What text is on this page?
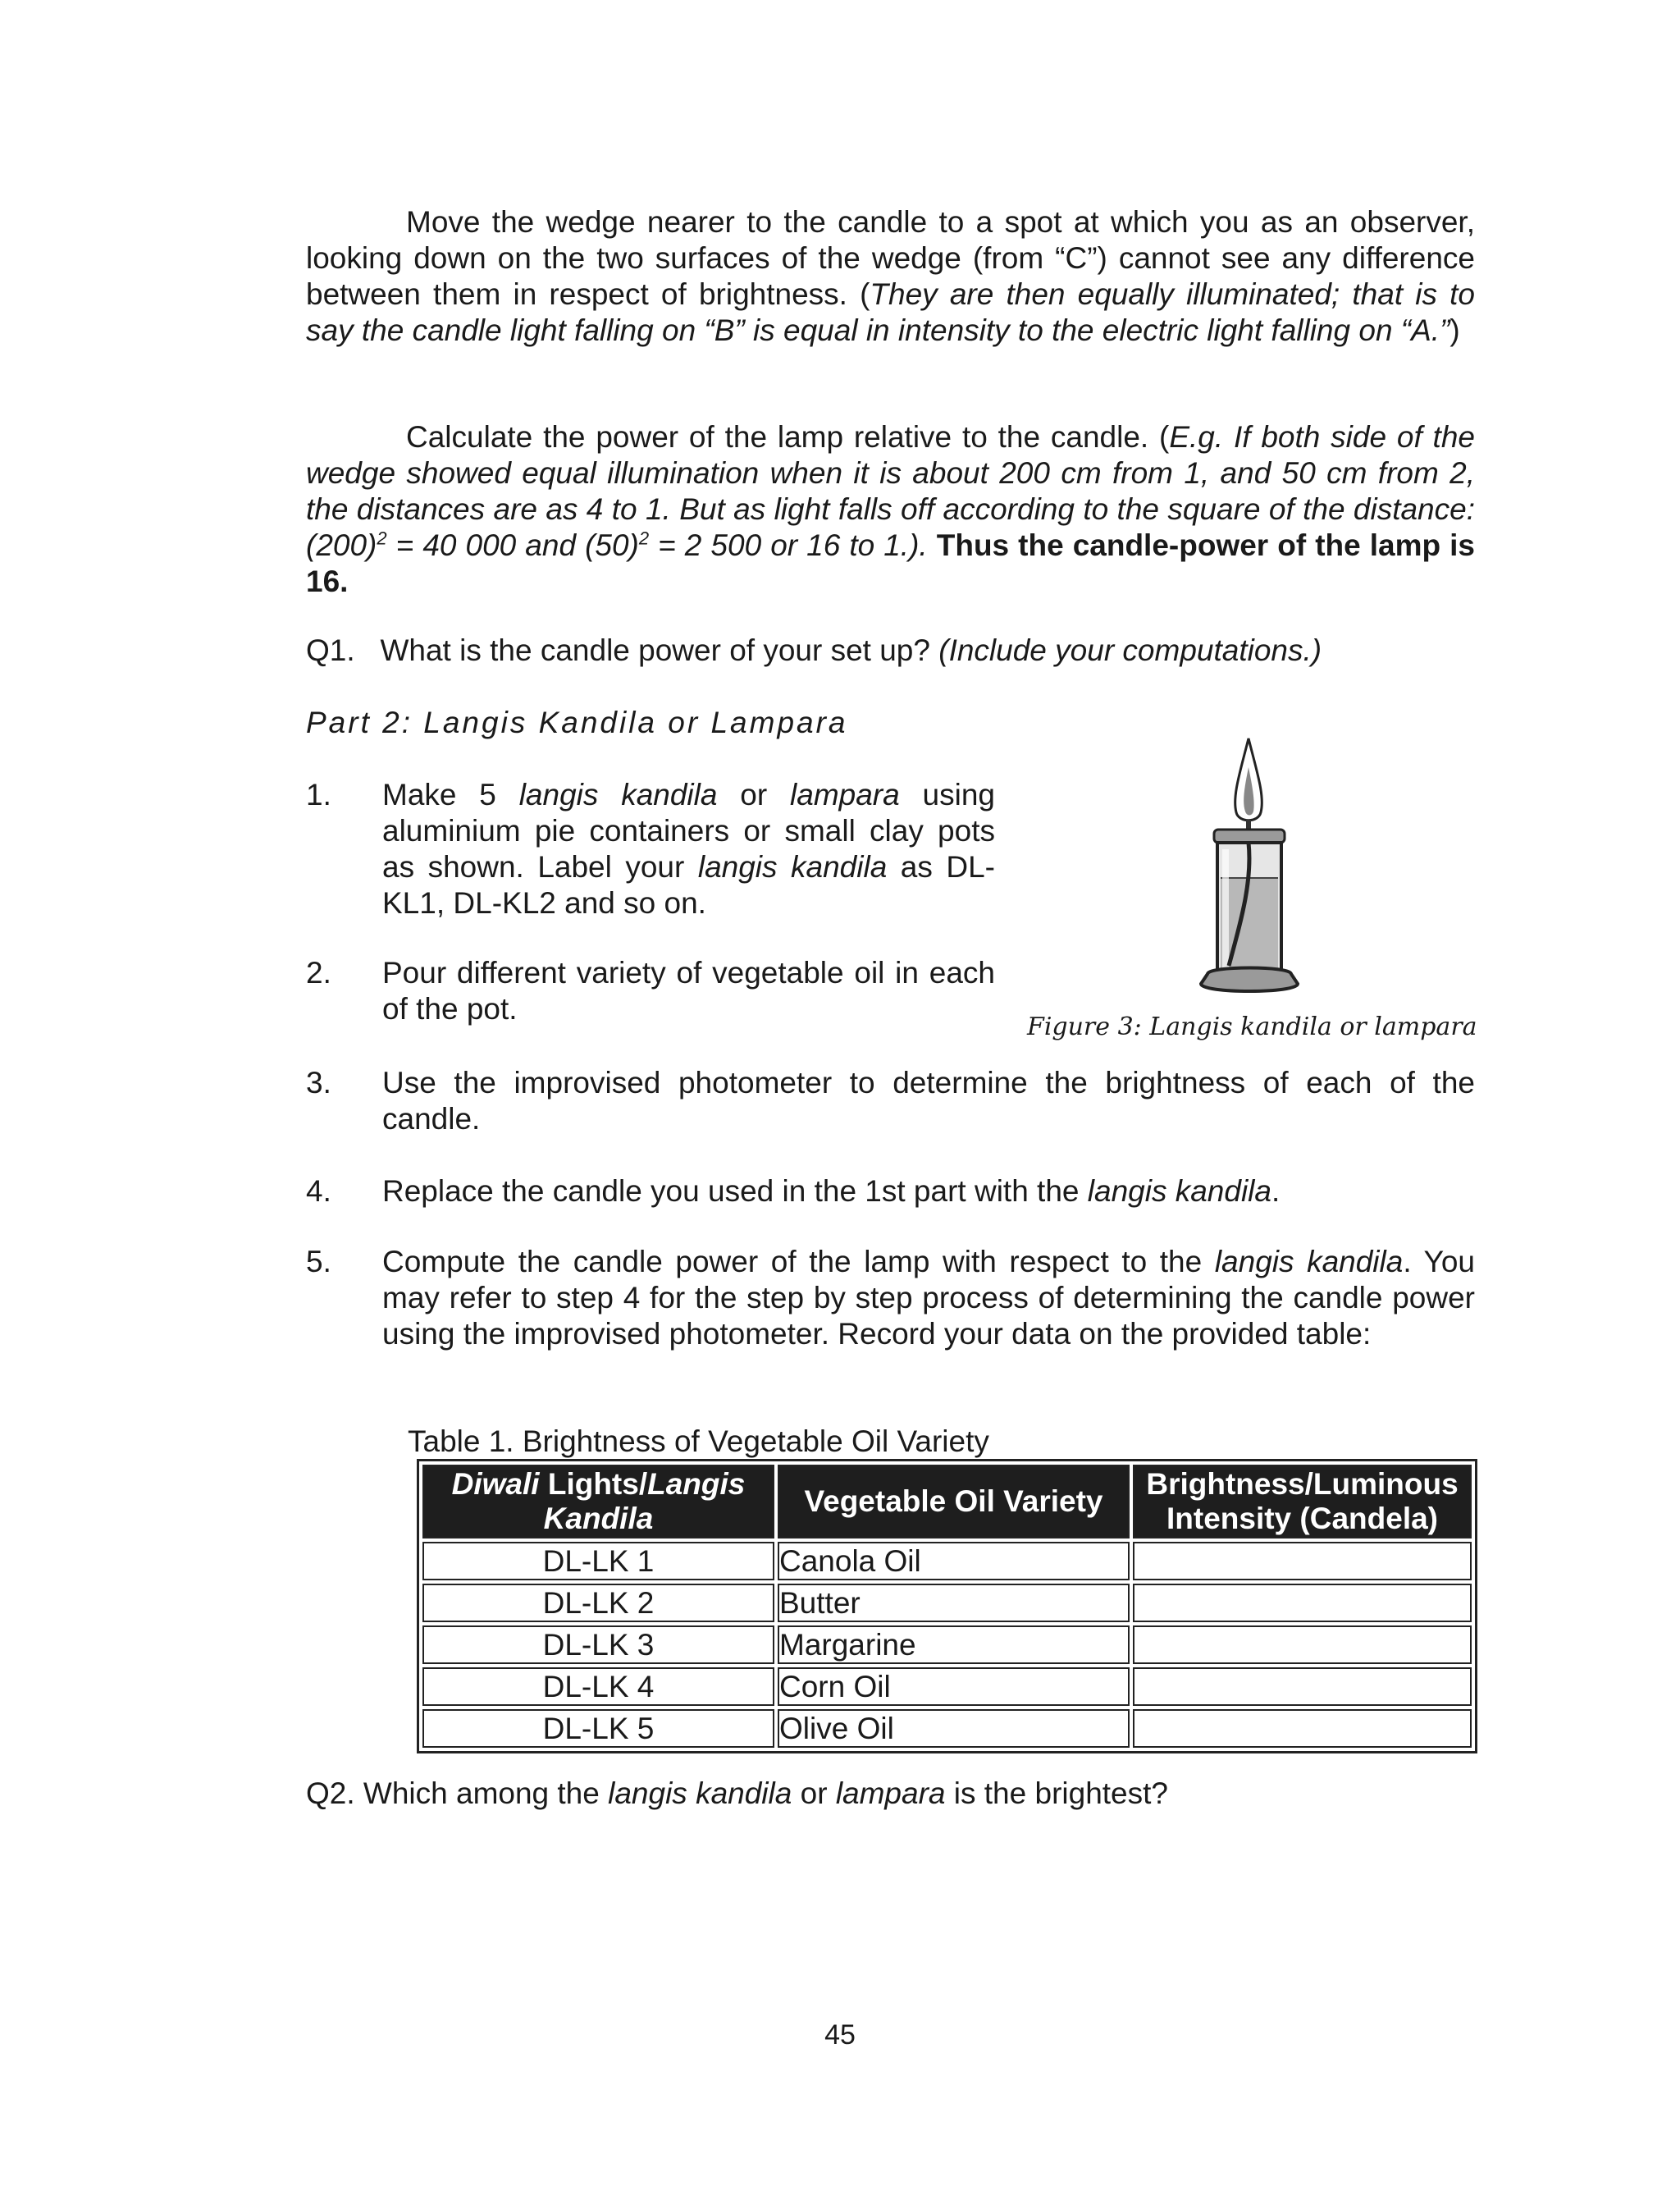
Move the wedge nearer to the candle to a spot at which you as an observer, looking down on the two surfaces of the wedge (from “C”) cannot see any difference between them in respect of brightness. (They are then equally illuminated; that is to say the candle light falling on “B” is equal in intensity to the electric light falling on “A.”)

Calculate the power of the lamp relative to the candle. (E.g. If both side of the wedge showed equal illumination when it is about 200 cm from 1, and 50 cm from 2, the distances are as 4 to 1. But as light falls off according to the square of the distance: $(200)^2 = 40$ 000 and $(50)^2 = 2$ 500 or 16 to 1.). Thus the candle-power of the lamp is 16.

Q1. What is the candle power of your set up? (Include your computations.)

Part 2: Langis Kandila or Lampara

1. Make 5 langis kandila or lampara using aluminium pie containers or small clay pots as shown. Label your langis kandila as DL-KL1, DL-KL2 and so on.

2. Pour different variety of vegetable oil in each of the pot.

Figure 3: Langis kandila or lampara
3. Use the improvised photometer to determine the brightness of each of the candle.

4. Replace the candle you used in the 1st part with the langis kandila.

5. Compute the candle power of the lamp with respect to the langis kandila. You may refer to step 4 for the step by step process of determining the candle power using the improvised photometer. Record your data on the provided table:

Table 1. Brightness of Vegetable Oil Variety
Diwali Lights/Langis Kandila	Vegetable Oil Variety	Brightness/Luminous Intensity (Candela)
DL-LK 1	Canola Oil	
DL-LK 2	Butter	
DL-LK 3	Margarine	
DL-LK 4	Corn Oil	
DL-LK 5	Olive Oil	

Q2. Which among the langis kandila or lampara is the brightest?

45
